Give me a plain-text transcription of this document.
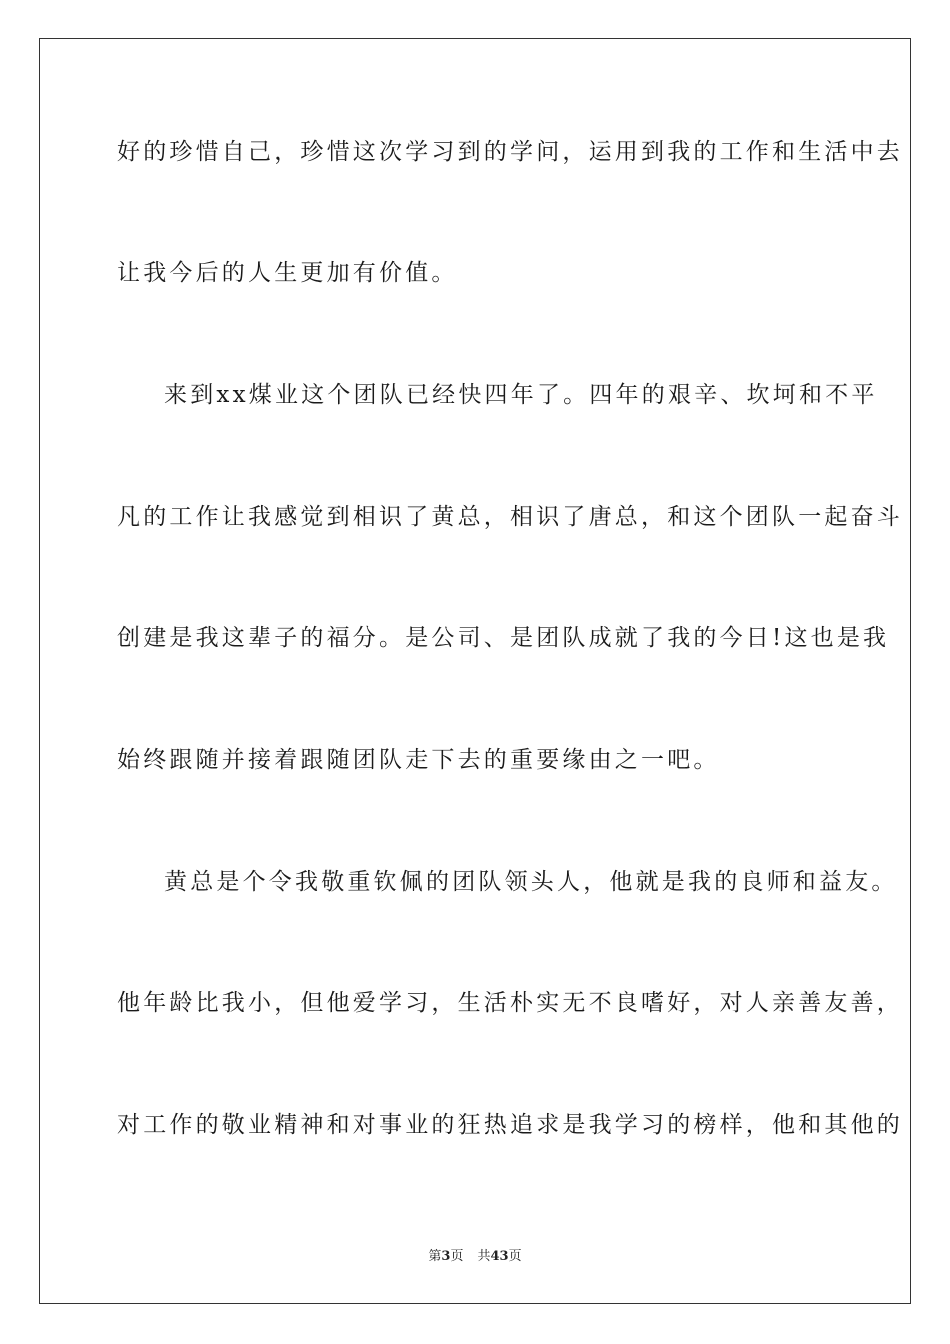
好的珍惜自己，珍惜这次学习到的学问，运用到我的工作和生活中去
让我今后的人生更加有价值。
来到xx煤业这个团队已经快四年了。四年的艰辛、坎坷和不平
凡的工作让我感觉到相识了黄总，相识了唐总，和这个团队一起奋斗
创建是我这辈子的福分。是公司、是团队成就了我的今日!这也是我
始终跟随并接着跟随团队走下去的重要缘由之一吧。
黄总是个令我敬重钦佩的团队领头人，他就是我的良师和益友。
他年龄比我小，但他爱学习，生活朴实无不良嗜好，对人亲善友善，
对工作的敬业精神和对事业的狂热追求是我学习的榜样，他和其他的
第3页 共43页
